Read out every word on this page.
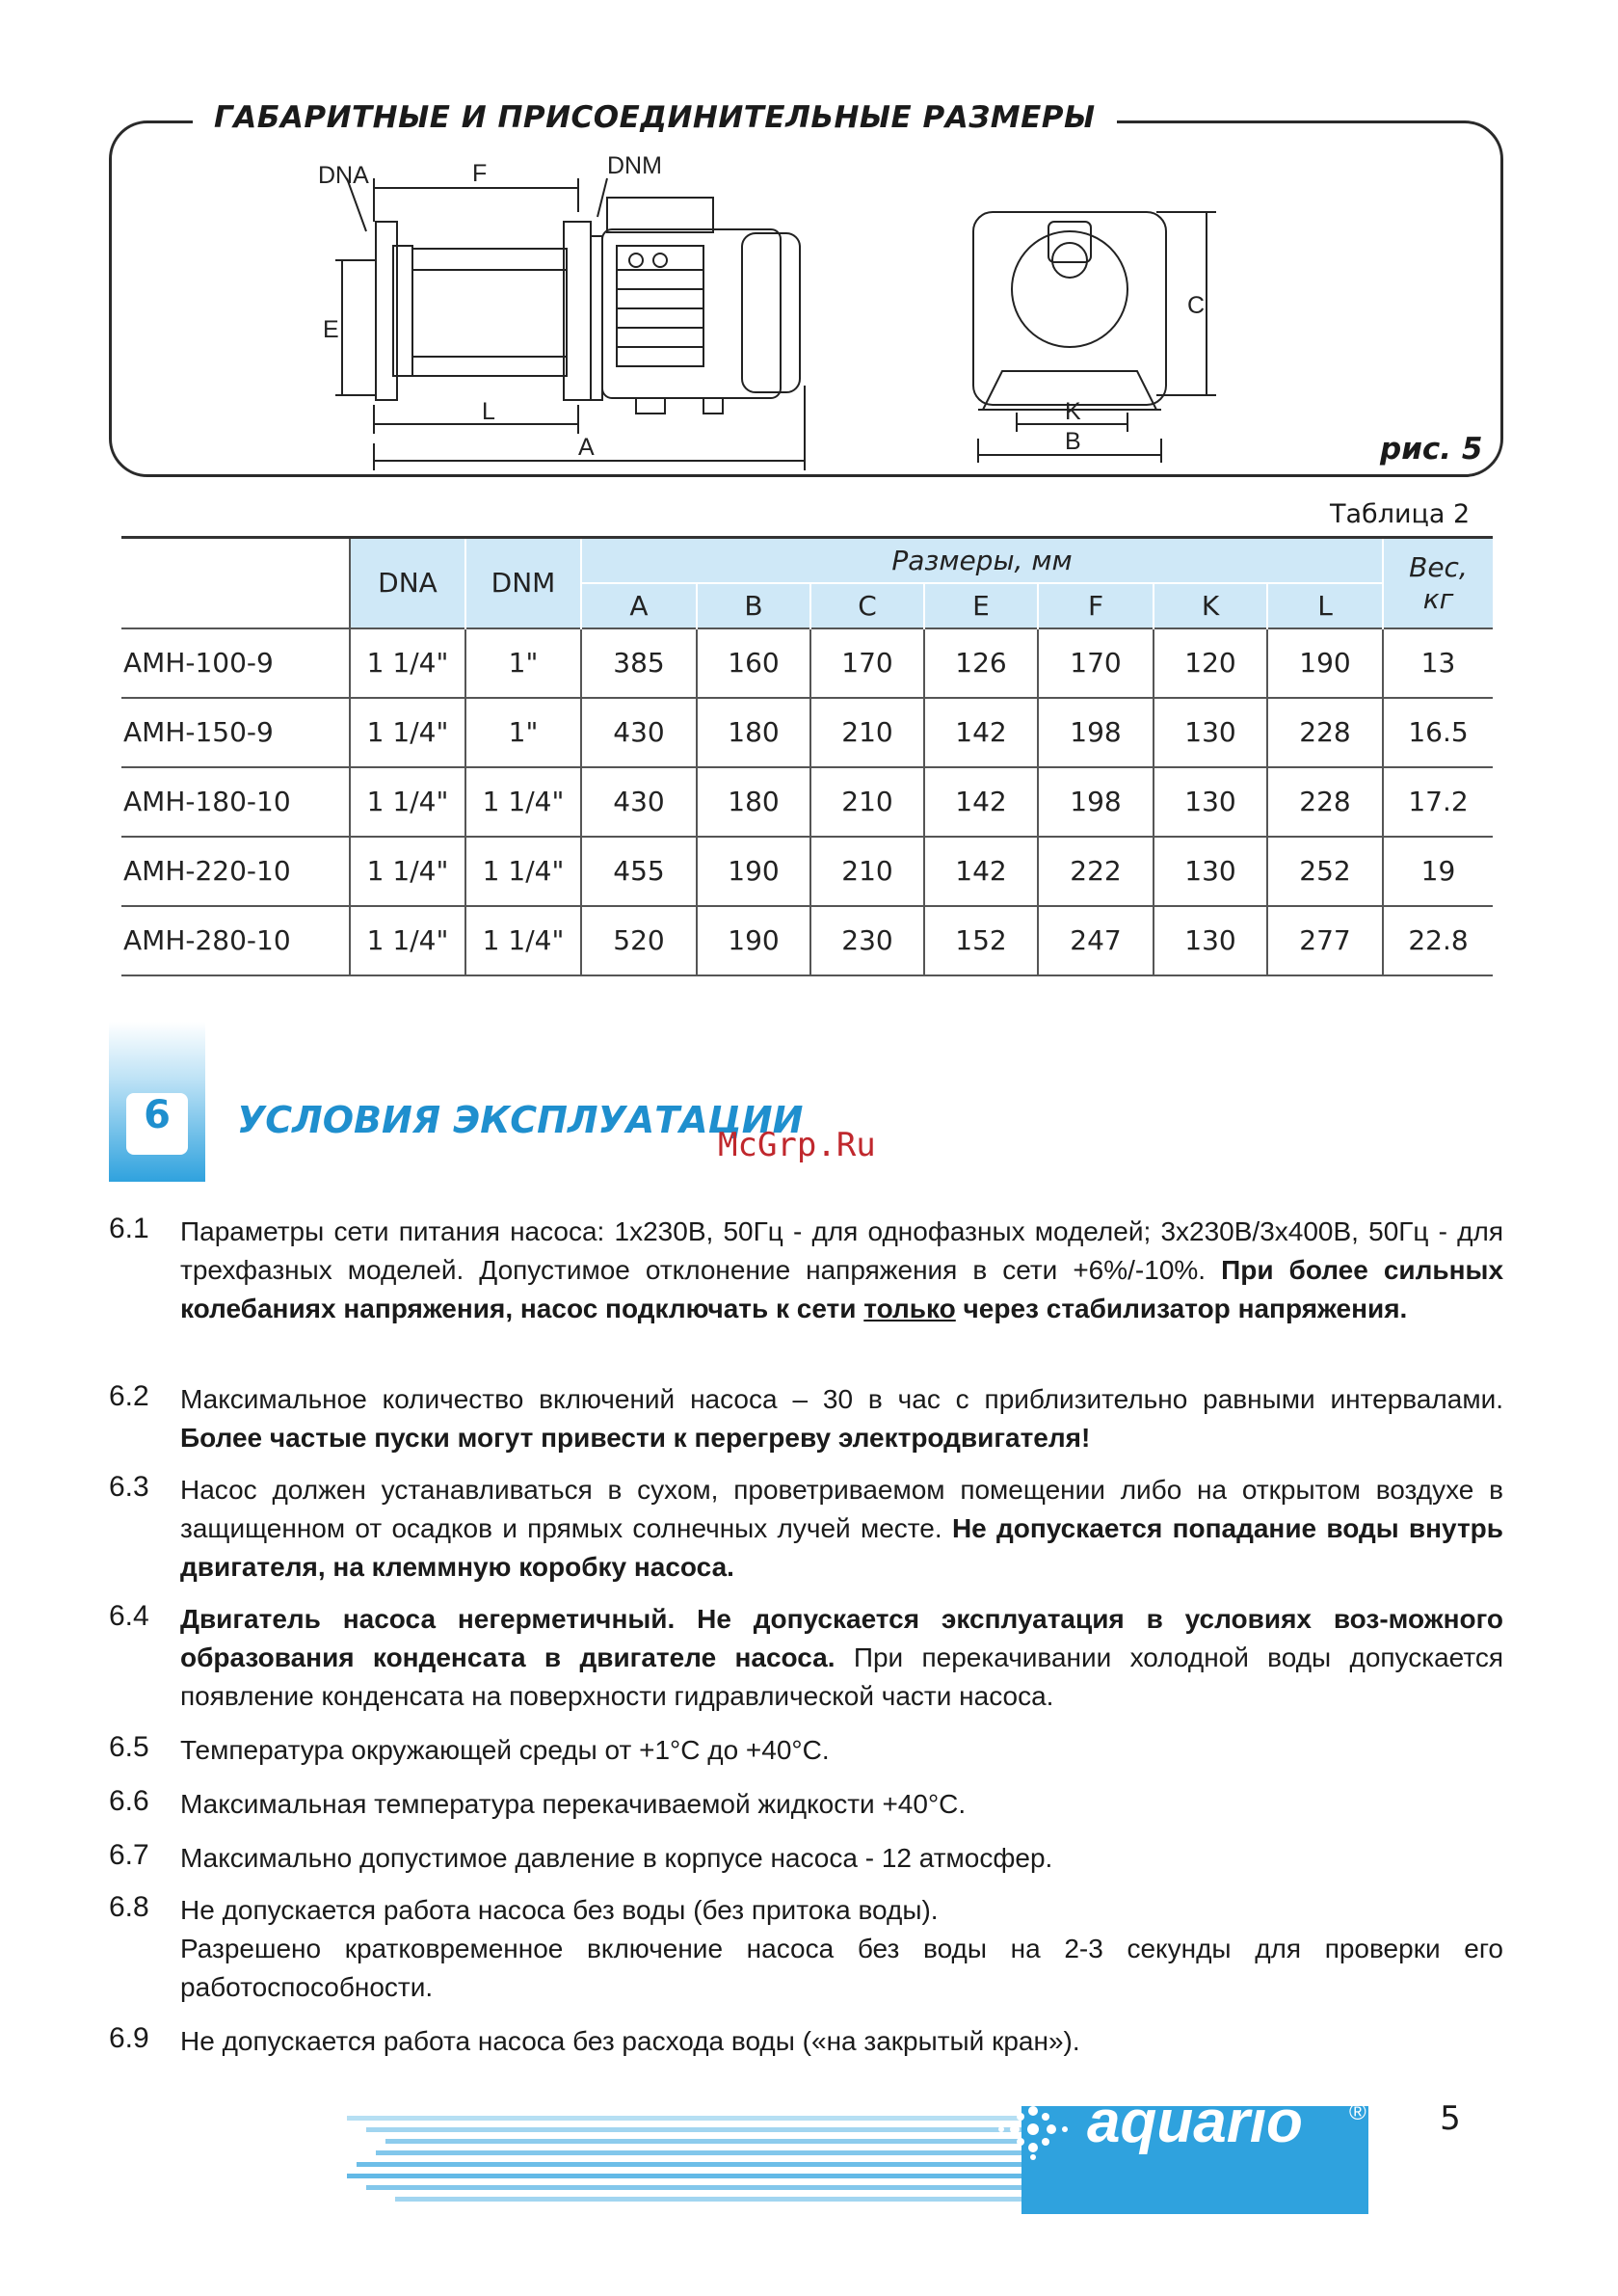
ГАБАРИТНЫЕ И ПРИСОЕДИНИТЕЛЬНЫЕ РАЗМЕРЫ
DNA	F	DNM
E
L
A
C
K
B	рис. 5
Таблица 2
	DNA	DNM	Размеры, мм							Вес,
кг

			A	B	C	E	F	K	L	
AMH-100-9	1 1/4"	1"	385	160	170	126	170	120	190	13
AMH-150-9	1 1/4"	1"	430	180	210	142	198	130	228	16.5
AMH-180-10	1 1/4"	1 1/4"	430	180	210	142	198	130	228	17.2
AMH-220-10	1 1/4"	1 1/4"	455	190	210	142	222	130	252	19
AMH-280-10	1 1/4"	1 1/4"	520	190	230	152	247	130	277	22.8
6	УСЛОВИЯ ЭКСПЛУАТАЦИИ
McGrp.Ru
6.1 Параметры сети питания насоса: 1x230В, 50Гц - для однофазных моделей; 3x230В/3x400В, 50Гц - для трехфазных моделей. Допустимое отклонение напряжения в сети +6%/-10%. При более сильных колебаниях напряжения, насос подключать к сети только через стабилизатор напряжения.
6.2 Максимальное количество включений насоса – 30 в час с приблизительно равными интервалами. Более частые пуски могут привести к перегреву электродвигателя!
6.3 Насос должен устанавливаться в сухом, проветриваемом помещении либо на открытом воздухе в защищенном от осадков и прямых солнечных лучей месте. Не допускается попадание воды внутрь двигателя, на клеммную коробку насоса.
6.4 Двигатель насоса негерметичный. Не допускается эксплуатация в условиях воз-можного образования конденсата в двигателе насоса. При перекачивании холодной воды допускается появление конденсата на поверхности гидравлической части насоса.
6.5 Температура окружающей среды от +1°С до +40°С.
6.6 Максимальная температура перекачиваемой жидкости +40°С.
6.7 Максимально допустимое давление в корпусе насоса - 12 атмосфер.
6.8 Не допускается работа насоса без воды (без притока воды).
Разрешено кратковременное включение насоса без воды на 2-3 секунды для проверки его работоспособности.
6.9 Не допускается работа насоса без расхода воды («на закрытый кран»).
aquario ®	5
